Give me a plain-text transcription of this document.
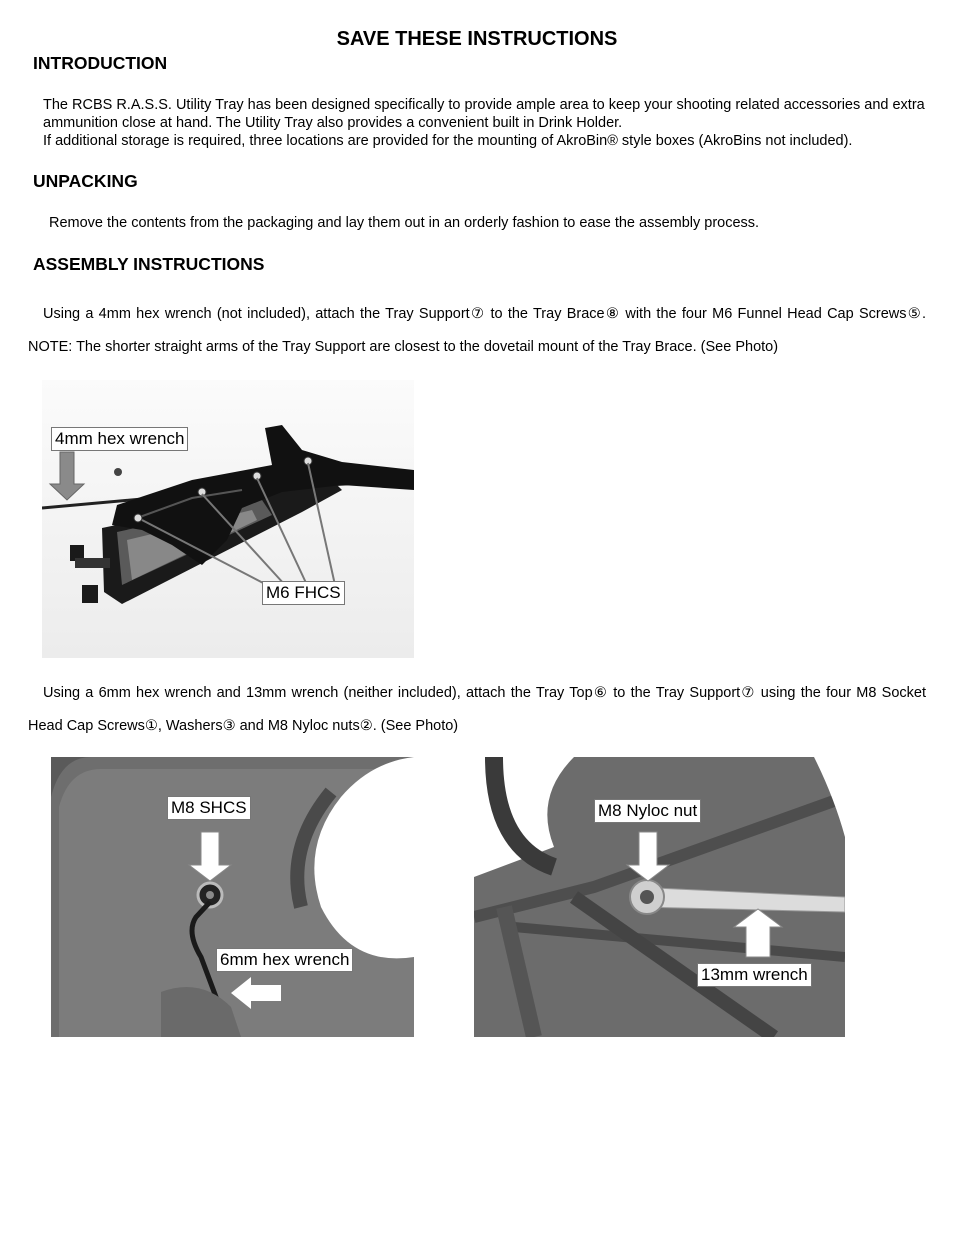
SAVE THESE INSTRUCTIONS
INTRODUCTION
The RCBS R.A.S.S. Utility Tray has been designed specifically to provide ample area to keep your shooting related accessories and extra ammunition close at hand. The Utility Tray also provides a convenient built in Drink Holder.
If additional storage is required, three locations are provided for the mounting of AkroBin® style boxes (AkroBins not included).
UNPACKING
Remove the contents from the packaging and lay them out in an orderly fashion to ease the assembly process.
ASSEMBLY INSTRUCTIONS
Using a 4mm hex wrench (not included), attach the Tray Support⑦ to the Tray Brace⑧ with the four M6 Funnel Head Cap Screws⑤. NOTE: The shorter straight arms of the Tray Support are closest to the dovetail mount of the Tray Brace. (See Photo)
4mm hex wrench
M6 FHCS
Using a 6mm hex wrench and 13mm wrench (neither included), attach the Tray Top⑥ to the Tray Support⑦ using the four M8 Socket Head Cap Screws①, Washers③ and M8 Nyloc nuts②. (See Photo)
M8 SHCS
6mm hex wrench
M8 Nyloc nut
13mm wrench
